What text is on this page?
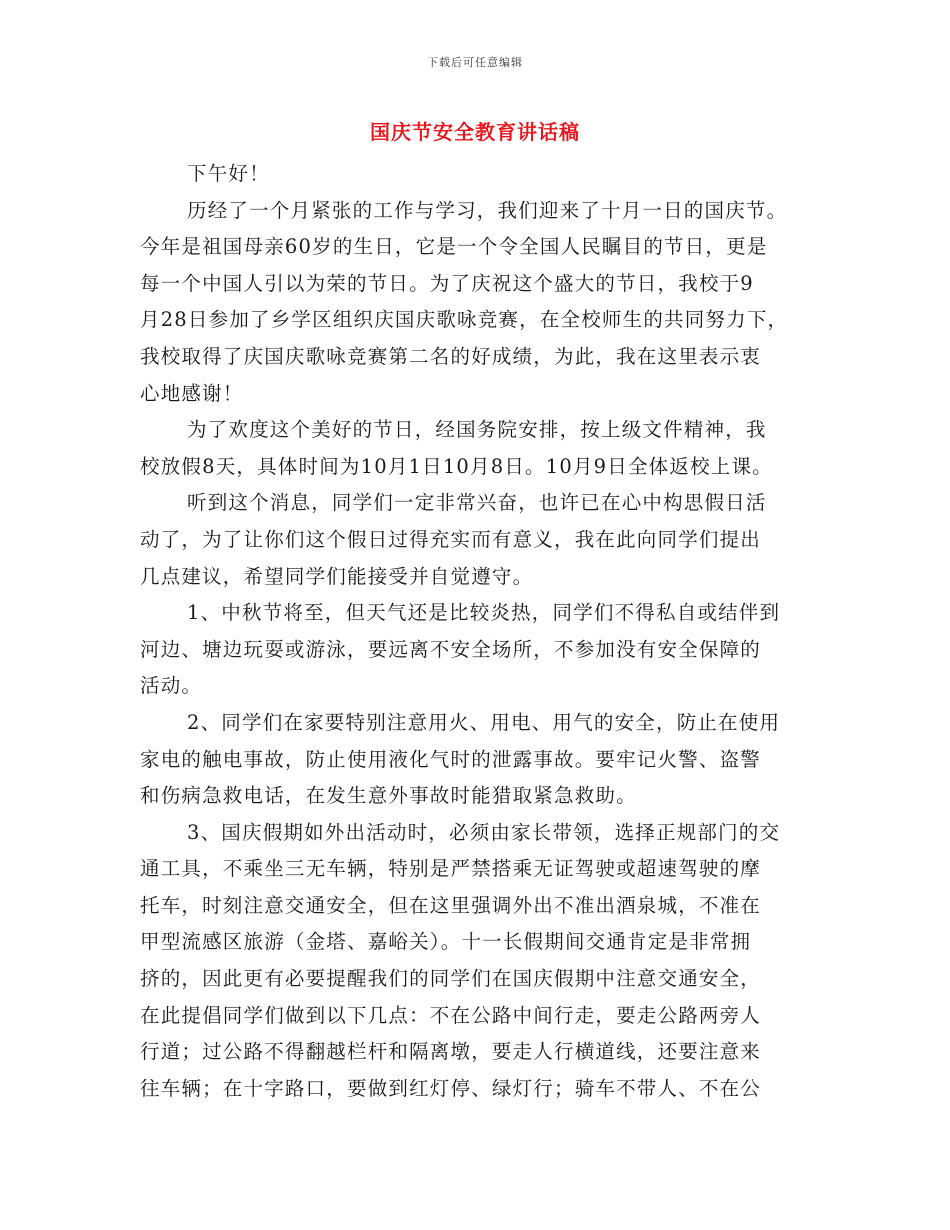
下载后可任意编辑
国庆节安全教育讲话稿
下午好！
历经了一个月紧张的工作与学习，我们迎来了十月一日的国庆节。
今年是祖国母亲60岁的生日，它是一个令全国人民瞩目的节日，更是
每一个中国人引以为荣的节日。为了庆祝这个盛大的节日，我校于9
月28日参加了乡学区组织庆国庆歌咏竞赛，在全校师生的共同努力下，
我校取得了庆国庆歌咏竞赛第二名的好成绩，为此，我在这里表示衷
心地感谢！
为了欢度这个美好的节日，经国务院安排，按上级文件精神，我
校放假8天，具体时间为10月1日10月8日。10月9日全体返校上课。
听到这个消息，同学们一定非常兴奋，也许已在心中构思假日活
动了，为了让你们这个假日过得充实而有意义，我在此向同学们提出
几点建议，希望同学们能接受并自觉遵守。
1、中秋节将至，但天气还是比较炎热，同学们不得私自或结伴到
河边、塘边玩耍或游泳，要远离不安全场所，不参加没有安全保障的
活动。
2、同学们在家要特别注意用火、用电、用气的安全，防止在使用
家电的触电事故，防止使用液化气时的泄露事故。要牢记火警、盗警
和伤病急救电话，在发生意外事故时能猎取紧急救助。
3、国庆假期如外出活动时，必须由家长带领，选择正规部门的交
通工具，不乘坐三无车辆，特别是严禁搭乘无证驾驶或超速驾驶的摩
托车，时刻注意交通安全，但在这里强调外出不准出酒泉城，不准在
甲型流感区旅游（金塔、嘉峪关）。十一长假期间交通肯定是非常拥
挤的，因此更有必要提醒我们的同学们在国庆假期中注意交通安全，
在此提倡同学们做到以下几点：不在公路中间行走，要走公路两旁人
行道；过公路不得翻越栏杆和隔离墩，要走人行横道线，还要注意来
往车辆；在十字路口，要做到红灯停、绿灯行；骑车不带人、不在公
